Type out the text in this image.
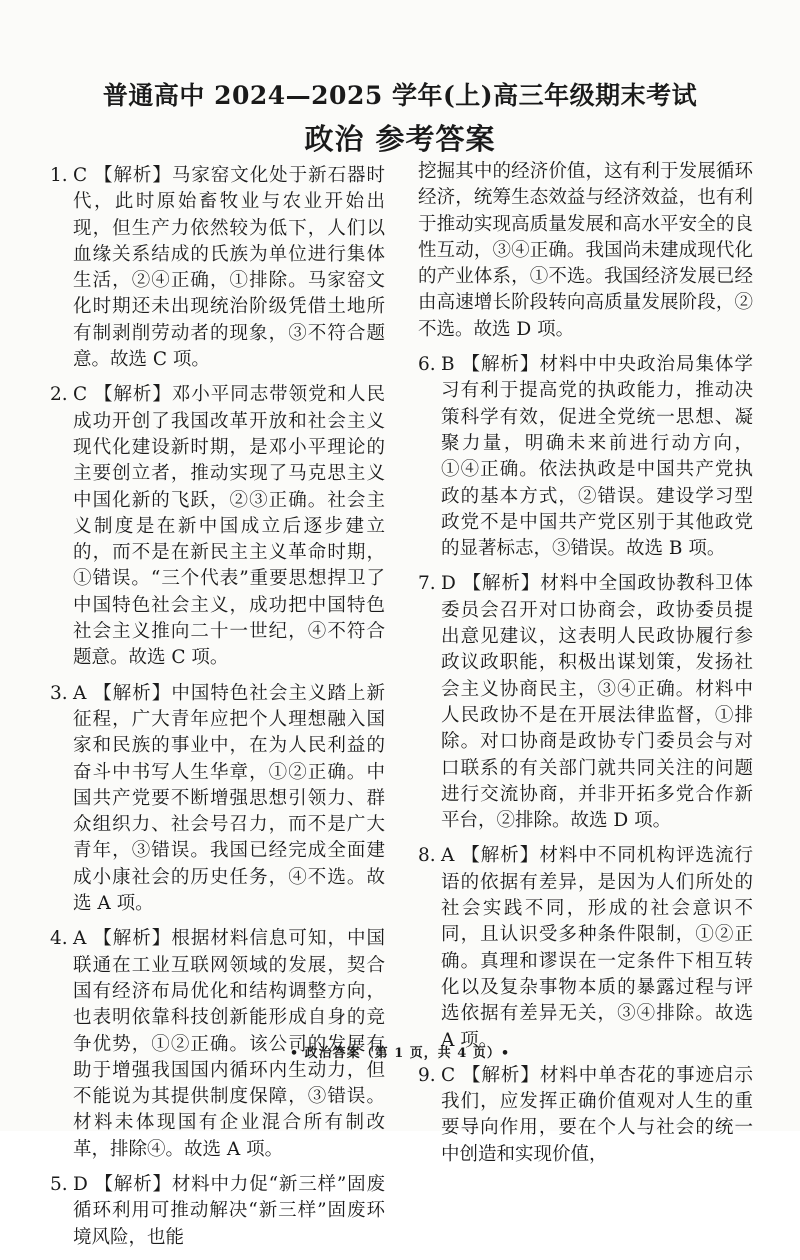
普通高中 2024—2025 学年(上)高三年级期末考试
政治 参考答案
1. C 【解析】马家窑文化处于新石器时代，此时原始畜牧业与农业开始出现，但生产力依然较为低下，人们以血缘关系结成的氏族为单位进行集体生活，②④正确，①排除。马家窑文化时期还未出现统治阶级凭借土地所有制剥削劳动者的现象，③不符合题意。故选 C 项。
2. C 【解析】邓小平同志带领党和人民成功开创了我国改革开放和社会主义现代化建设新时期，是邓小平理论的主要创立者，推动实现了马克思主义中国化新的飞跃，②③正确。社会主义制度是在新中国成立后逐步建立的，而不是在新民主主义革命时期，①错误。“三个代表”重要思想捍卫了中国特色社会主义，成功把中国特色社会主义推向二十一世纪，④不符合题意。故选 C 项。
3. A 【解析】中国特色社会主义踏上新征程，广大青年应把个人理想融入国家和民族的事业中，在为人民利益的奋斗中书写人生华章，①②正确。中国共产党要不断增强思想引领力、群众组织力、社会号召力，而不是广大青年，③错误。我国已经完成全面建成小康社会的历史任务，④不选。故选 A 项。
4. A 【解析】根据材料信息可知，中国联通在工业互联网领域的发展，契合国有经济布局优化和结构调整方向，也表明依靠科技创新能形成自身的竞争优势，①②正确。该公司的发展有助于增强我国国内循环内生动力，但不能说为其提供制度保障，③错误。材料未体现国有企业混合所有制改革，排除④。故选 A 项。
5. D 【解析】材料中力促“新三样”固废循环利用可推动解决“新三样”固废环境风险，也能
挖掘其中的经济价值，这有利于发展循环经济，统筹生态效益与经济效益，也有利于推动实现高质量发展和高水平安全的良性互动，③④正确。我国尚未建成现代化的产业体系，①不选。我国经济发展已经由高速增长阶段转向高质量发展阶段，②不选。故选 D 项。
6. B 【解析】材料中中央政治局集体学习有利于提高党的执政能力，推动决策科学有效，促进全党统一思想、凝聚力量，明确未来前进行动方向，①④正确。依法执政是中国共产党执政的基本方式，②错误。建设学习型政党不是中国共产党区别于其他政党的显著标志，③错误。故选 B 项。
7. D 【解析】材料中全国政协教科卫体委员会召开对口协商会，政协委员提出意见建议，这表明人民政协履行参政议政职能，积极出谋划策，发扬社会主义协商民主，③④正确。材料中人民政协不是在开展法律监督，①排除。对口协商是政协专门委员会与对口联系的有关部门就共同关注的问题进行交流协商，并非开拓多党合作新平台，②排除。故选 D 项。
8. A 【解析】材料中不同机构评选流行语的依据有差异，是因为人们所处的社会实践不同，形成的社会意识不同，且认识受多种条件限制，①②正确。真理和谬误在一定条件下相互转化以及复杂事物本质的暴露过程与评选依据有差异无关，③④排除。故选 A 项。
9. C 【解析】材料中单杏花的事迹启示我们，应发挥正确价值观对人生的重要导向作用，要在个人与社会的统一中创造和实现价值，
• 政治答案（第 1 页，共 4 页）•
